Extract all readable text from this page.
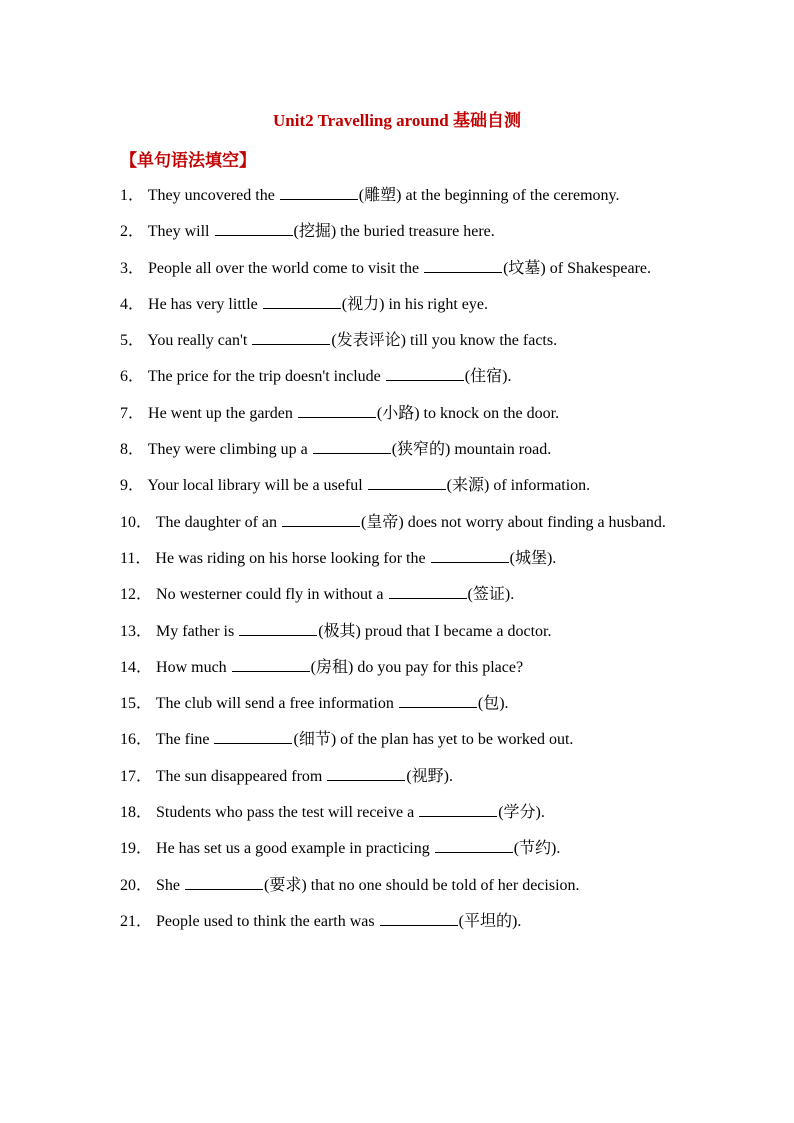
Unit2 Travelling around 基础自测
【单句语法填空】
1． They uncovered the	(雕塑) at the beginning of the ceremony.
2． They will	(挖掘) the buried treasure here.
3． People all over the world come to visit the	(坟墓) of Shakespeare.
4． He has very little	(视力) in his right eye.
5． You really can't	(发表评论) till you know the facts.
6． The price for the trip doesn't include	(住宿).
7． He went up the garden	(小路) to knock on the door.
8． They were climbing up a	(狭窄的) mountain road.
9． Your local library will be a useful	(来源) of information.
10． The daughter of an	(皇帝) does not worry about finding a husband.
11． He was riding on his horse looking for the	(城堡).
12． No westerner could fly in without a	(签证).
13． My father is	(极其) proud that I became a doctor.
14． How much	(房租) do you pay for this place?
15． The club will send a free information	(包).
16． The fine	(细节) of the plan has yet to be worked out.
17． The sun disappeared from	(视野).
18． Students who pass the test will receive a	(学分).
19． He has set us a good example in practicing	(节约).
20． She	(要求) that no one should be told of her decision.
21． People used to think the earth was	(平坦的).
